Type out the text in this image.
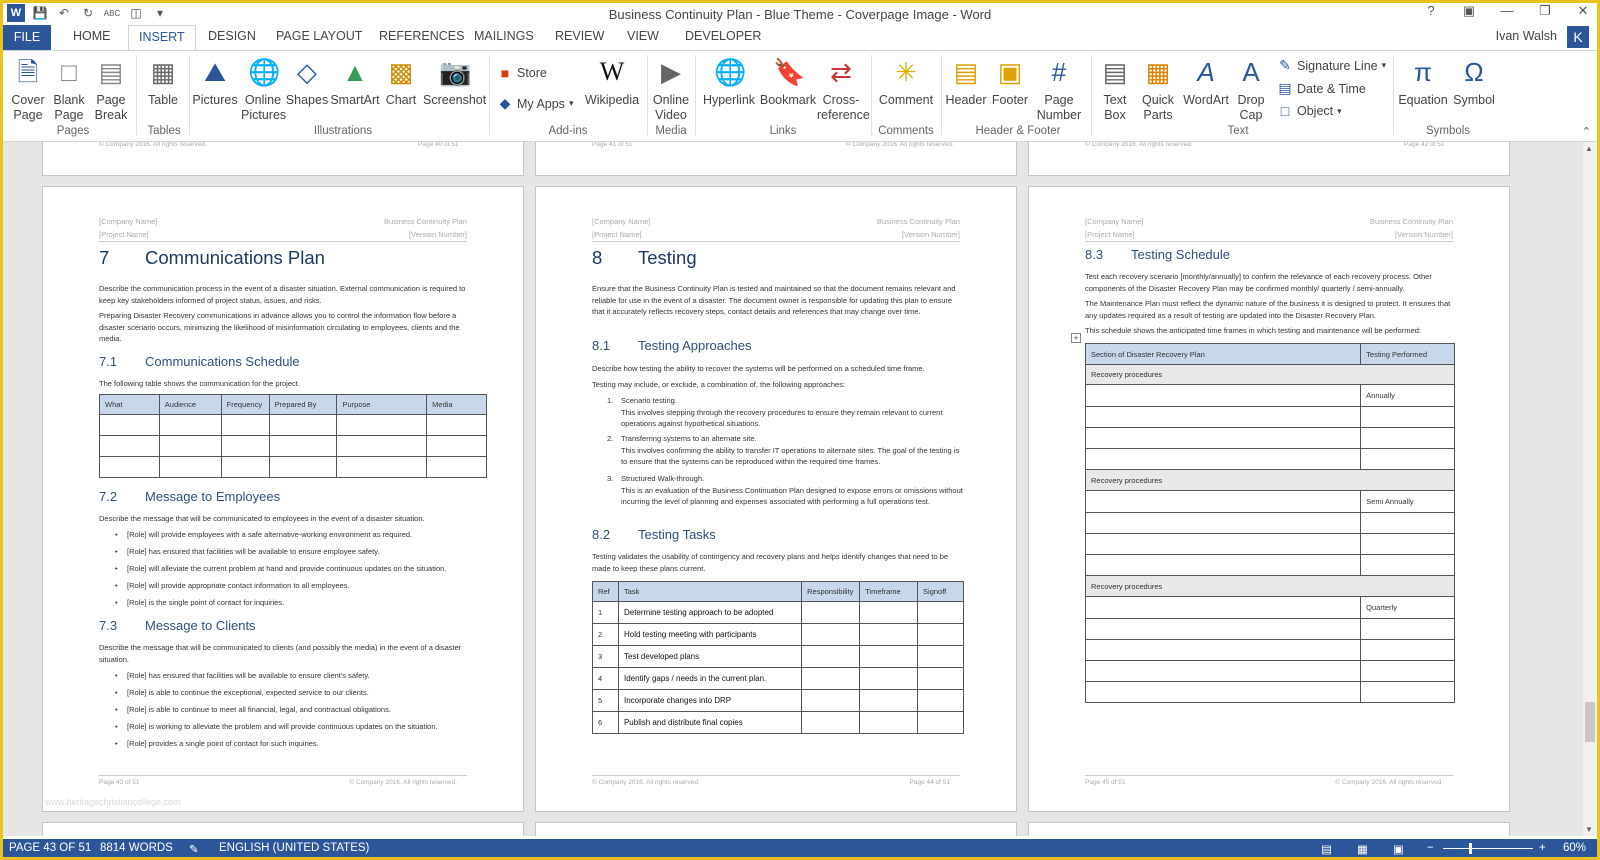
W 💾 ↶	↻	ABC ◫	▾	Business Continuity Plan - Blue Theme - Coverpage Image - Word	?	▣ —	❐	✕
FILE	HOME	INSERT	DESIGN	PAGE LAYOUT	REFERENCES MAILINGS	REVIEW	VIEW	DEVELOPER	Ivan Walsh	K
🗎
Cover Page
□
Blank Page
▤
Page Break
Pages
▦
Table
Tables
⛰
Pictures
🌐
Online Pictures
◇
Shapes
▲
SmartArt
▩
Chart
📷
Screenshot
Illustrations
■ Store
◆ My Apps ▾
W
Wikipedia
Add-ins
▶
Online Video
Media
🌐
Hyperlink
🔖
Bookmark
⇄
Cross-reference
Links
✳
Comment
Comments
▤
Header
▣
Footer
#
Page Number
Header & Footer
▤
Text Box
▦
Quick Parts
A
WordArt
A
Drop Cap
✎ Signature Line ▾
▤ Date & Time
□ Object ▾
Text
π
Equation
Ω
Symbol
Symbols	⌃
© Company 2016. All rights reserved.	Page 40 of 51	Page 41 of 51	© Company 2016. All rights reserved.	© Company 2016. All rights reserved.	Page 42 of 51
[Company Name]
[Project Name]
Business Continuity Plan
[Version Number]
7 Communications Plan
Describe the communication process in the event of a disaster situation. External communication is required to keep key stakeholders informed of project status, issues, and risks.
Preparing Disaster Recovery communications in advance allows you to control the information flow before a disaster scenario occurs, minimizing the likelihood of misinformation circulating to employees, clients and the media.
7.1 Communications Schedule
The following table shows the communication for the project.
What	Audience	Frequency	Prepared By	Purpose	Media

7.2 Message to Employees
Describe the message that will be communicated to employees in the event of a disaster situation.
• [Role] will provide employees with a safe alternative-working environment as required.
• [Role] has ensured that facilities will be available to ensure employee safety.
• [Role] will alleviate the current problem at hand and provide continuous updates on the situation.
• [Role] will provide appropriate contact information to all employees.
• [Role] is the single point of contact for inquiries.
7.3 Message to Clients
Describe the message that will be communicated to clients (and possibly the media) in the event of a disaster situation.
• [Role] has ensured that facilities will be available to ensure client's safety.
• [Role] is able to continue the exceptional, expected service to our clients.
• [Role] is able to continue to meet all financial, legal, and contractual obligations.
• [Role] is working to alleviate the problem and will provide continuous updates on the situation.
• [Role] provides a single point of contact for such inquiries.
Page 43 of 51	© Company 2016. All rights reserved.
www.heritagechristiancollege.com
[Company Name]
[Project Name]
Business Continuity Plan
[Version Number]
8 Testing
Ensure that the Business Continuity Plan is tested and maintained so that the document remains relevant and reliable for use in the event of a disaster. The document owner is responsible for updating this plan to ensure that it accurately reflects recovery steps, contact details and references that may change over time.
8.1 Testing Approaches
Describe how testing the ability to recover the systems will be performed on a scheduled time frame.
Testing may include, or exclude, a combination of, the following approaches:
1. Scenario testing.
This involves stepping through the recovery procedures to ensure they remain relevant to current operations against hypothetical situations.
2. Transferring systems to an alternate site.
This involves confirming the ability to transfer IT operations to alternate sites. The goal of the testing is to ensure that the systems can be reproduced within the required time frames.
3. Structured Walk-through.
This is an evaluation of the Business Continuation Plan designed to expose errors or omissions without incurring the level of planning and expenses associated with performing a full operations test.
8.2 Testing Tasks
Testing validates the usability of contingency and recovery plans and helps identify changes that need to be made to keep these plans current.
Ref	Task	Responsibility	Timeframe	Signoff
1	Determine testing approach to be adopted			
2	Hold testing meeting with participants			
3	Test developed plans			
4	Identify gaps / needs in the current plan.			
5	Incorporate changes into DRP			
6	Publish and distribute final copies			
© Company 2016. All rights reserved.	Page 44 of 51
[Company Name]
[Project Name]
Business Continuity Plan
[Version Number]
8.3 Testing Schedule
Test each recovery scenario [monthly/annually] to confirm the relevance of each recovery process. Other components of the Disaster Recovery Plan may be confirmed monthly/ quarterly / semi-annually.
The Maintenance Plan must reflect the dynamic nature of the business it is designed to protect. It ensures that any updates required as a result of testing are updated into the Disaster Recovery Plan.
This schedule shows the anticipated time frames in which testing and maintenance will be performed:
+
Section of Disaster Recovery Plan	Testing Performed
Recovery procedures	
	Annually

Recovery procedures	
	Semi Annually

Recovery procedures	
	Quarterly

Page 45 of 51	© Company 2016. All rights reserved.
▲
▼
PAGE 43 OF 51 8814 WORDS ✎ ENGLISH (UNITED STATES)	▤ ▦ ▣ −	+ 60%
